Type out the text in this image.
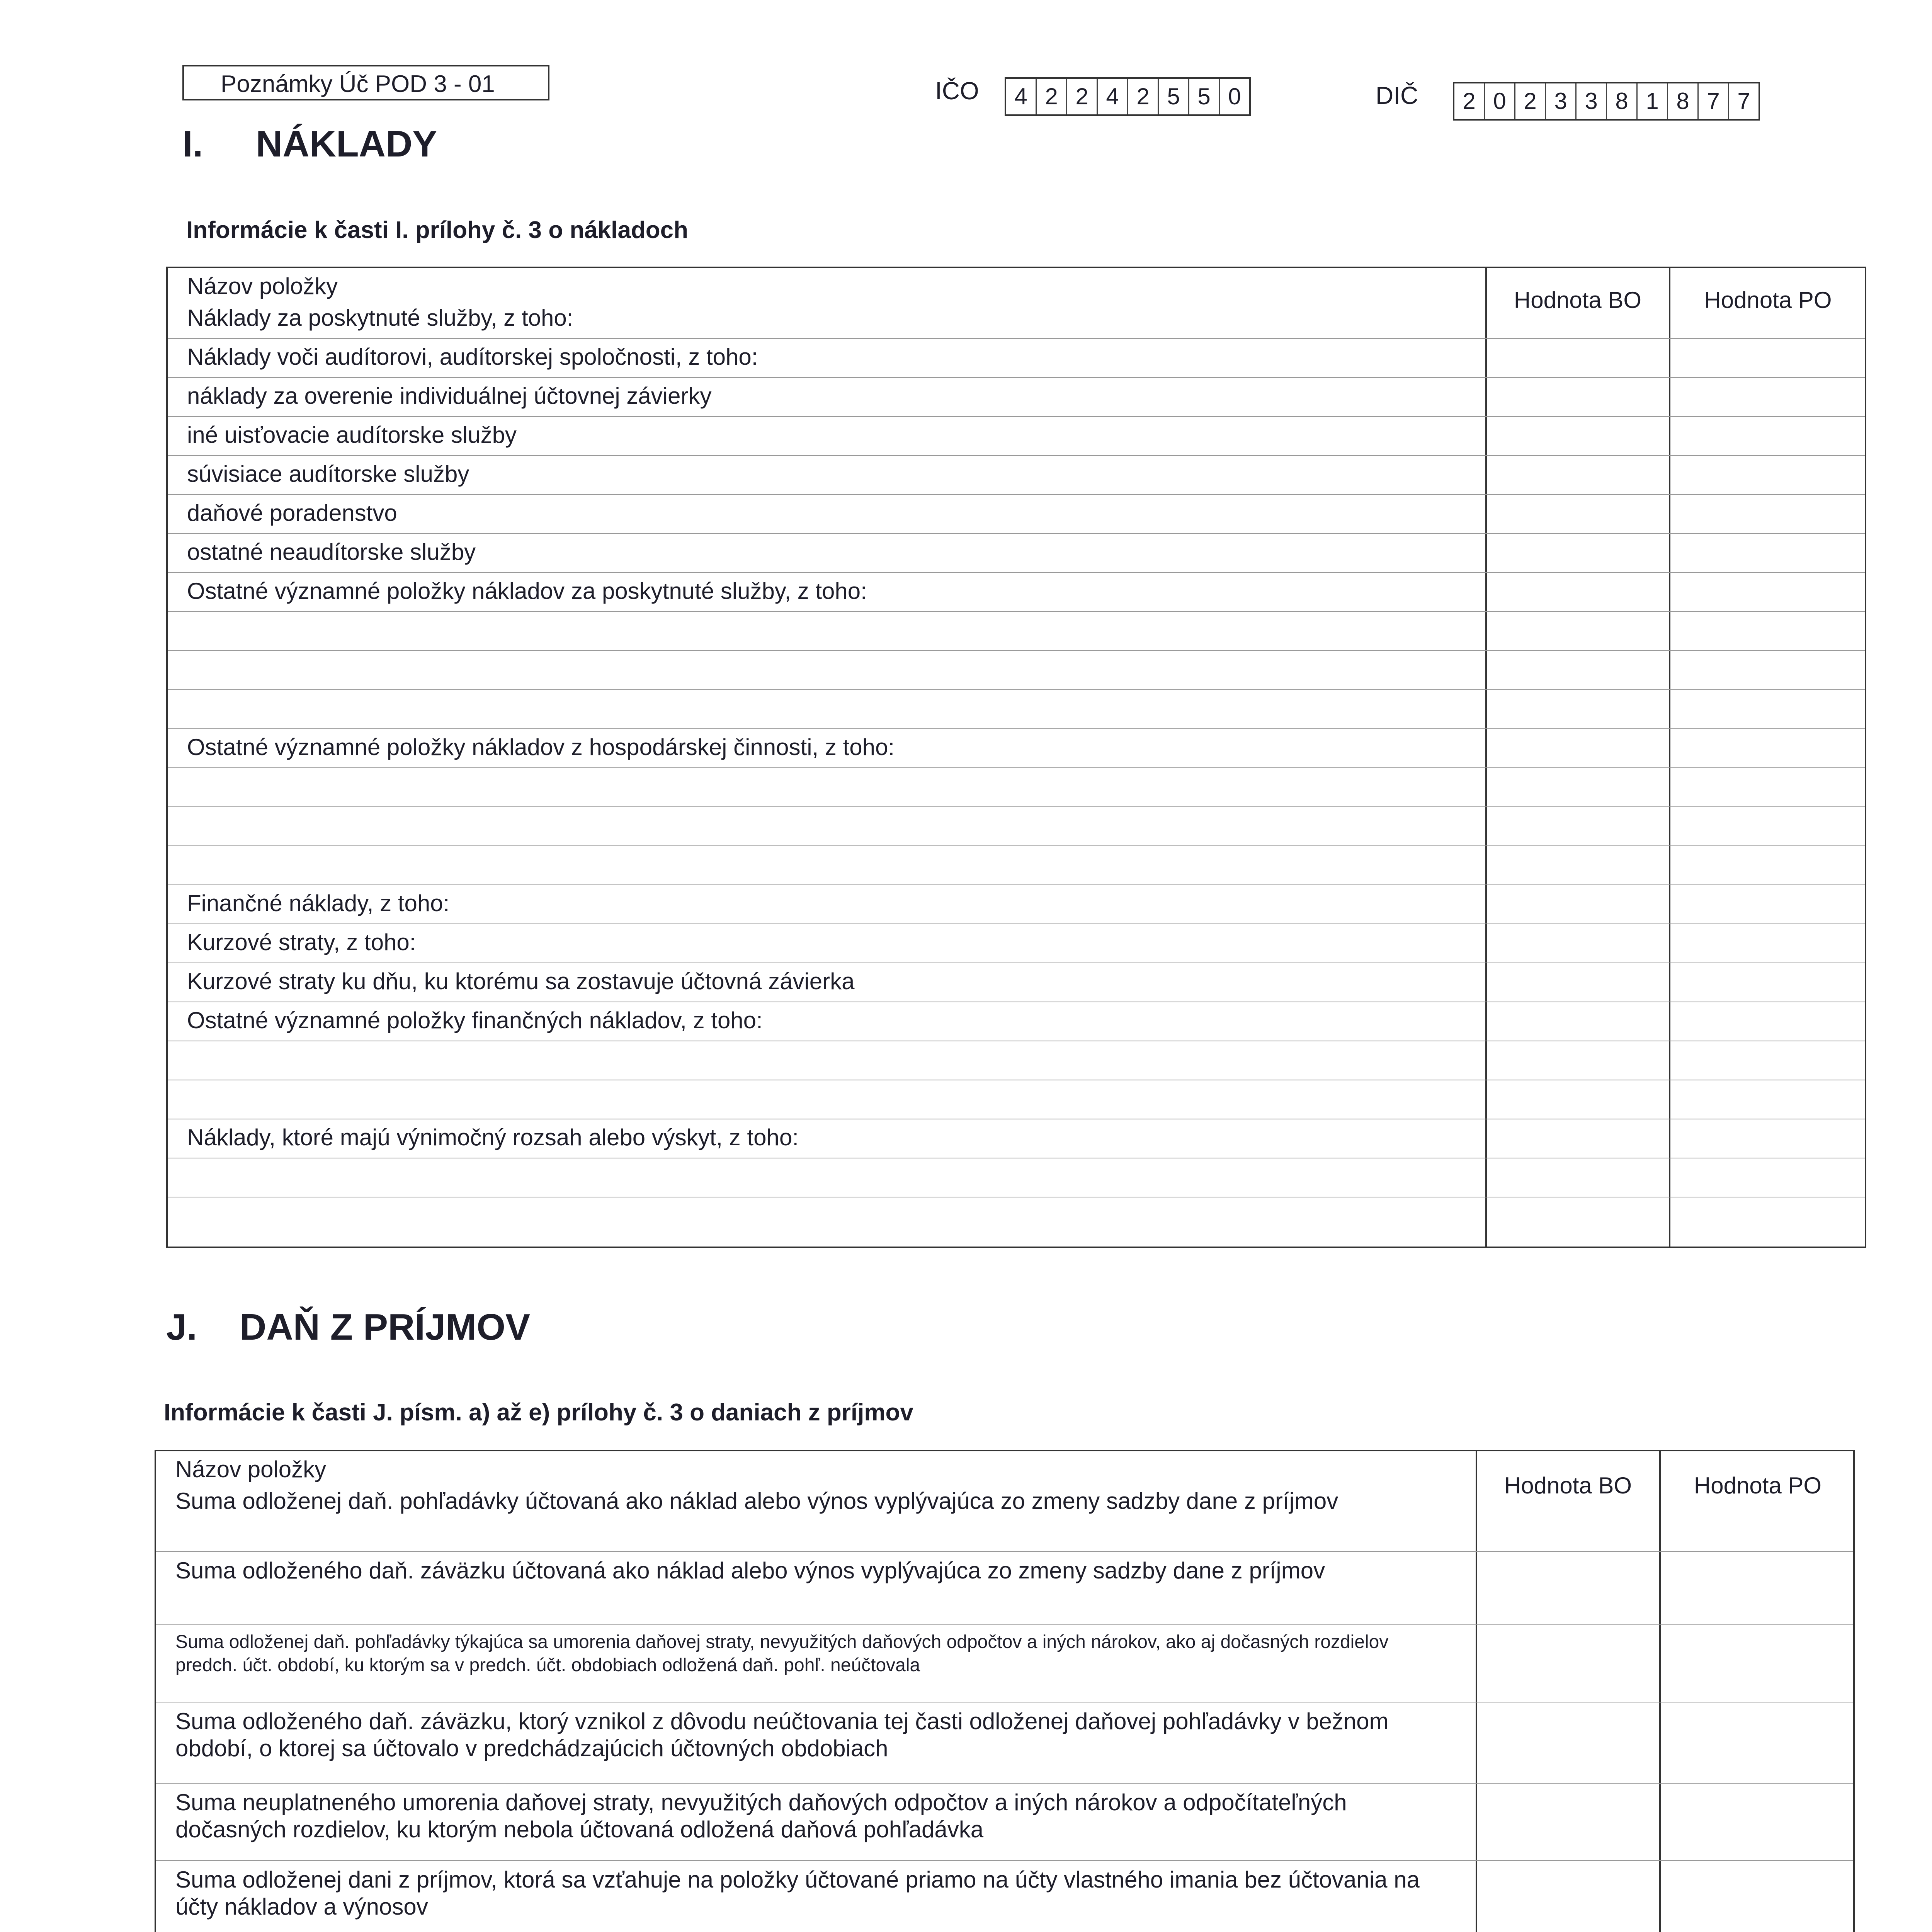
Poznámky Úč POD 3 - 01	IČO	4 2 2 4 2 5 5 0	DIČ	2 0 2 3 3 8 1 8 7 7
I. NÁKLADY
Informácie k časti I. prílohy č. 3 o nákladoch
Názov položky
Hodnota BO	Hodnota PO
Náklady za poskytnuté služby, z toho:
Náklady voči audítorovi, audítorskej spoločnosti, z toho:
náklady za overenie individuálnej účtovnej závierky
iné uisťovacie audítorske služby
súvisiace audítorske služby
daňové poradenstvo
ostatné neaudítorske služby
Ostatné významné položky nákladov za poskytnuté služby, z toho:
Ostatné významné položky nákladov z hospodárskej činnosti, z toho:
Finančné náklady, z toho:
Kurzové straty, z toho:
Kurzové straty ku dňu, ku ktorému sa zostavuje účtovná závierka
Ostatné významné položky finančných nákladov, z toho:
Náklady, ktoré majú výnimočný rozsah alebo výskyt, z toho:
J. DAŇ Z PRÍJMOV
Informácie k časti J. písm. a) až e) prílohy č. 3 o daniach z príjmov
Názov položky
Hodnota BO	Hodnota PO
Suma odloženej daň. pohľadávky účtovaná ako náklad alebo výnos vyplývajúca zo zmeny sadzby dane z príjmov
Suma odloženého daň. záväzku účtovaná ako náklad alebo výnos vyplývajúca zo zmeny sadzby dane z príjmov
Suma odloženej daň. pohľadávky týkajúca sa umorenia daňovej straty, nevyužitých daňových odpočtov a iných nárokov, ako aj dočasných rozdielov predch. účt. období, ku ktorým sa v predch. účt. obdobiach odložená daň. pohľ. neúčtovala
Suma odloženého daň. záväzku, ktorý vznikol z dôvodu neúčtovania tej časti odloženej daňovej pohľadávky v bežnom období, o ktorej sa účtovalo v predchádzajúcich účtovných obdobiach
Suma neuplatneného umorenia daňovej straty, nevyužitých daňových odpočtov a iných nárokov a odpočítateľných dočasných rozdielov, ku ktorým nebola účtovaná odložená daňová pohľadávka
Suma odloženej dani z príjmov, ktorá sa vzťahuje na položky účtované priamo na účty vlastného imania bez účtovania na účty nákladov a výnosov
